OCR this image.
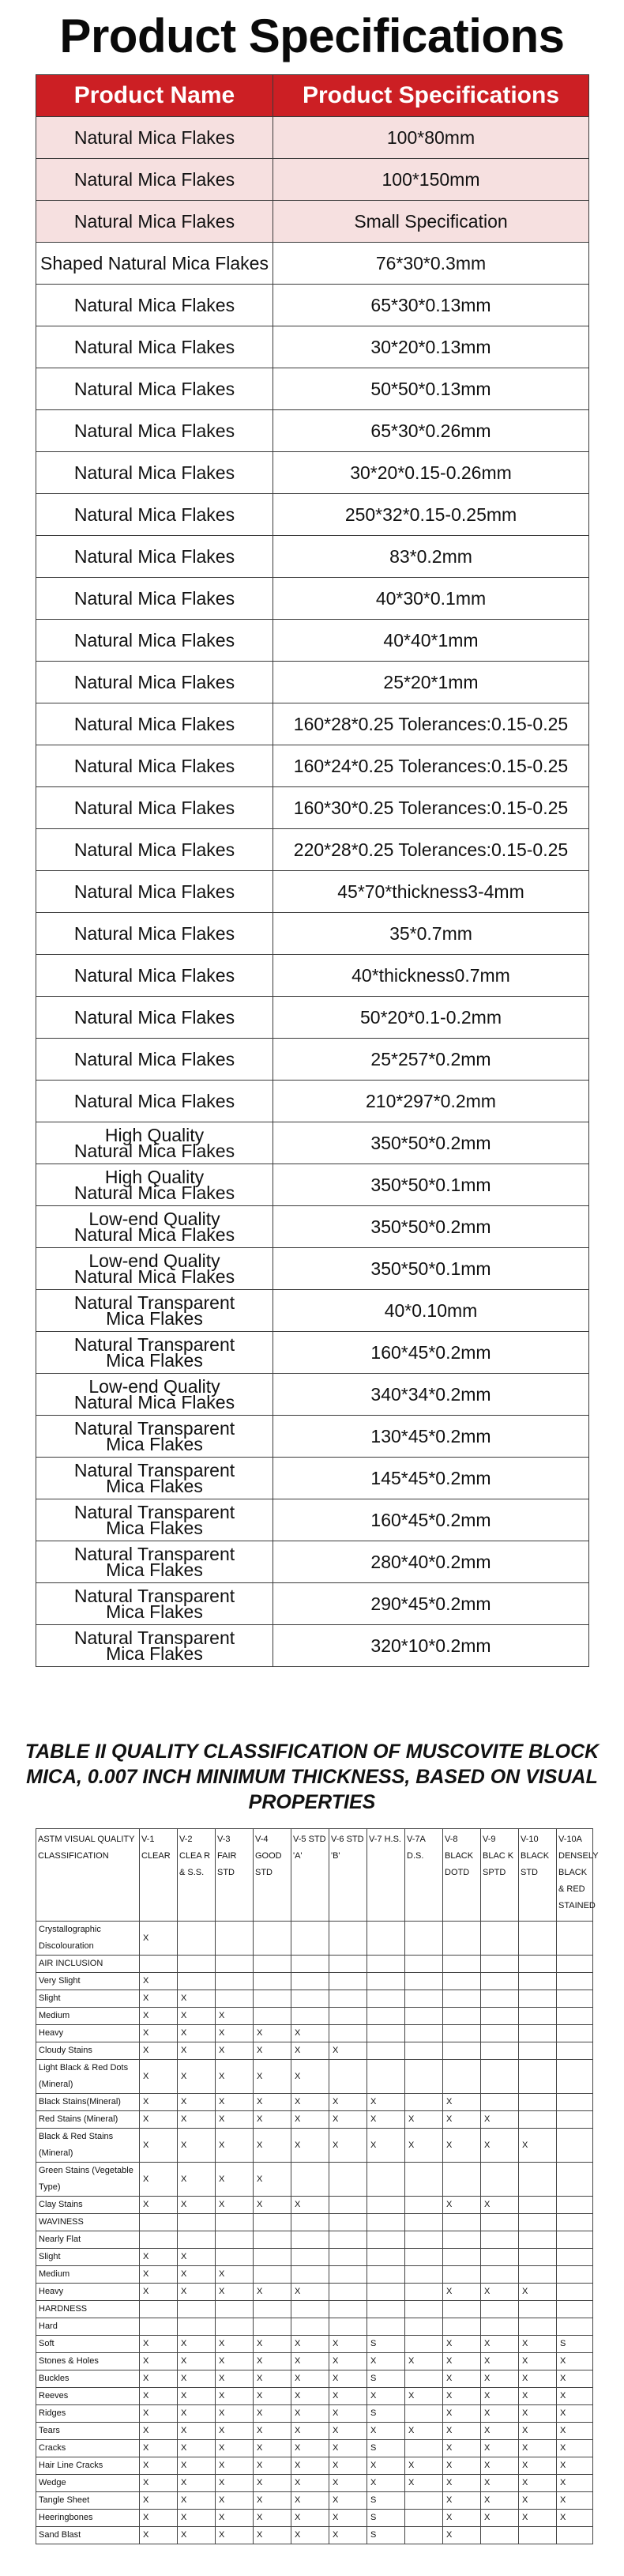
Product Specifications
Product Name	Product Specifications
Natural Mica Flakes	100*80mm
Natural Mica Flakes	100*150mm
Natural Mica Flakes	Small Specification
Shaped Natural Mica Flakes	76*30*0.3mm
Natural Mica Flakes	65*30*0.13mm
Natural Mica Flakes	30*20*0.13mm
Natural Mica Flakes	50*50*0.13mm
Natural Mica Flakes	65*30*0.26mm
Natural Mica Flakes	30*20*0.15-0.26mm
Natural Mica Flakes	250*32*0.15-0.25mm
Natural Mica Flakes	83*0.2mm
Natural Mica Flakes	40*30*0.1mm
Natural Mica Flakes	40*40*1mm
Natural Mica Flakes	25*20*1mm
Natural Mica Flakes	160*28*0.25 Tolerances:0.15-0.25
Natural Mica Flakes	160*24*0.25 Tolerances:0.15-0.25
Natural Mica Flakes	160*30*0.25 Tolerances:0.15-0.25
Natural Mica Flakes	220*28*0.25 Tolerances:0.15-0.25
Natural Mica Flakes	45*70*thickness3-4mm
Natural Mica Flakes	35*0.7mm
Natural Mica Flakes	40*thickness0.7mm
Natural Mica Flakes	50*20*0.1-0.2mm
Natural Mica Flakes	25*257*0.2mm
Natural Mica Flakes	210*297*0.2mm
High Quality
Natural Mica Flakes	350*50*0.2mm
High Quality
Natural Mica Flakes	350*50*0.1mm
Low-end Quality
Natural Mica Flakes	350*50*0.2mm
Low-end Quality
Natural Mica Flakes	350*50*0.1mm
Natural Transparent
Mica Flakes	40*0.10mm
Natural Transparent
Mica Flakes	160*45*0.2mm
Low-end Quality
Natural Mica Flakes	340*34*0.2mm
Natural Transparent
Mica Flakes	130*45*0.2mm
Natural Transparent
Mica Flakes	145*45*0.2mm
Natural Transparent
Mica Flakes	160*45*0.2mm
Natural Transparent
Mica Flakes	280*40*0.2mm
Natural Transparent
Mica Flakes	290*45*0.2mm
Natural Transparent
Mica Flakes	320*10*0.2mm
TABLE II QUALITY CLASSIFICATION OF MUSCOVITE BLOCK MICA, 0.007 INCH MINIMUM THICKNESS, BASED ON VISUAL PROPERTIES
ASTM VISUAL QUALITY CLASSIFICATION	V-1 CLEAR	V-2 CLEA R & S.S.	V-3 FAIR STD	V-4 GOOD STD	V-5 STD 'A'	V-6 STD 'B'	V-7 H.S.	V-7A D.S.	V-8 BLACK DOTD	V-9 BLAC K SPTD	V-10 BLACK STD	V-10A DENSELY BLACK & RED STAINED
Crystallographic Discolouration	X											
AIR INCLUSION												
Very Slight	X											
Slight	X	X										
Medium	X	X	X									
Heavy	X	X	X	X	X							
Cloudy Stains	X	X	X	X	X	X						
Light Black & Red Dots (Mineral)	X	X	X	X	X							
Black Stains(Mineral)	X	X	X	X	X	X	X		X			
Red Stains (Mineral)	X	X	X	X	X	X	X	X	X	X		
Black & Red Stains (Mineral)	X	X	X	X	X	X	X	X	X	X	X	
Green Stains (Vegetable Type)	X	X	X	X								
Clay Stains	X	X	X	X	X				X	X		
WAVINESS												
Nearly Flat												
Slight	X	X										
Medium	X	X	X									
Heavy	X	X	X	X	X				X	X	X	
HARDNESS												
Hard												
Soft	X	X	X	X	X	X	S		X	X	X	S
Stones & Holes	X	X	X	X	X	X	X	X	X	X	X	X
Buckles	X	X	X	X	X	X	S		X	X	X	X
Reeves	X	X	X	X	X	X	X	X	X	X	X	X
Ridges	X	X	X	X	X	X	S		X	X	X	X
Tears	X	X	X	X	X	X	X	X	X	X	X	X
Cracks	X	X	X	X	X	X	S		X	X	X	X
Hair Line Cracks	X	X	X	X	X	X	X	X	X	X	X	X
Wedge	X	X	X	X	X	X	X	X	X	X	X	X
Tangle Sheet	X	X	X	X	X	X	S		X	X	X	X
Heeringbones	X	X	X	X	X	X	S		X	X	X	X
Sand Blast	X	X	X	X	X	X	S		X			
